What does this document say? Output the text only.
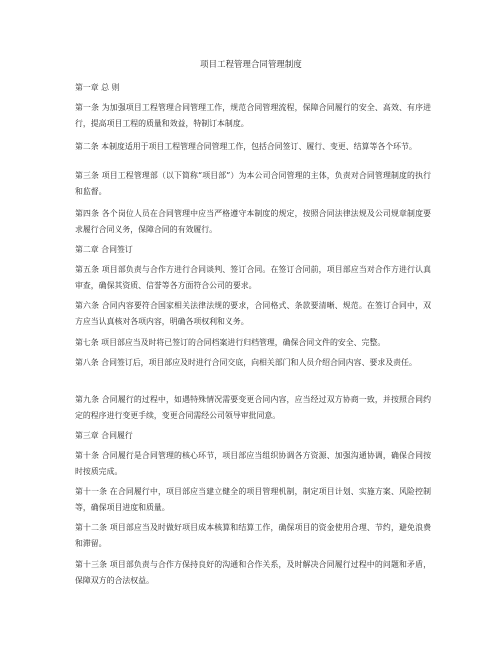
项目工程管理合同管理制度

第一章 总 则

第一条 为加强项目工程管理合同管理工作，规范合同管理流程，保障合同履行的安全、高效、有序进行，提高项目工程的质量和效益，特制订本制度。

第二条 本制度适用于项目工程管理合同管理工作，包括合同签订、履行、变更、结算等各个环节。

第三条 项目工程管理部（以下简称“项目部”）为本公司合同管理的主体，负责对合同管理制度的执行和监督。

第四条 各个岗位人员在合同管理中应当严格遵守本制度的规定，按照合同法律法规及公司规章制度要求履行合同义务，保障合同的有效履行。

第二章 合同签订

第五条 项目部负责与合作方进行合同谈判、签订合同。在签订合同前，项目部应当对合作方进行认真审查，确保其资质、信誉等各方面符合公司的要求。

第六条 合同内容要符合国家相关法律法规的要求，合同格式、条款要清晰、规范。在签订合同中，双方应当认真核对各项内容，明确各项权利和义务。

第七条 项目部应当及时将已签订的合同档案进行归档管理，确保合同文件的安全、完整。

第八条 合同签订后，项目部应及时进行合同交底，向相关部门和人员介绍合同内容、要求及责任。

第九条 合同履行的过程中，如遇特殊情况需要变更合同内容，应当经过双方协商一致，并按照合同约定的程序进行变更手续，变更合同需经公司领导审批同意。

第三章 合同履行

第十条 合同履行是合同管理的核心环节，项目部应当组织协调各方资源、加强沟通协调，确保合同按时按质完成。

第十一条 在合同履行中，项目部应当建立健全的项目管理机制，制定项目计划、实施方案、风险控制等，确保项目进度和质量。

第十二条 项目部应当及时做好项目成本核算和结算工作，确保项目的资金使用合理、节约，避免浪费和滞留。

第十三条 项目部负责与合作方保持良好的沟通和合作关系，及时解决合同履行过程中的问题和矛盾，保障双方的合法权益。
